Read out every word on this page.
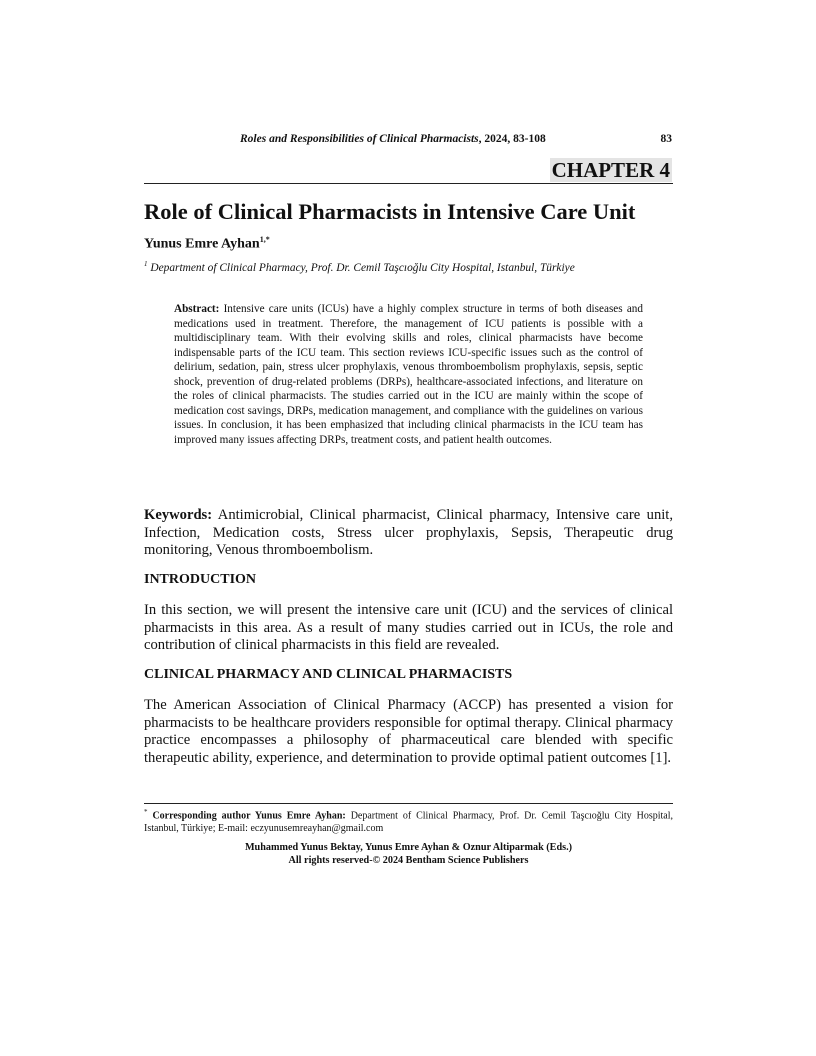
Roles and Responsibilities of Clinical Pharmacists, 2024, 83-108	83
CHAPTER 4
Role of Clinical Pharmacists in Intensive Care Unit
Yunus Emre Ayhan$^{1,*}$
$^1$ Department of Clinical Pharmacy, Prof. Dr. Cemil Taşcıoğlu City Hospital, Istanbul, Türkiye

Abstract: Intensive care units (ICUs) have a highly complex structure in terms of both diseases and medications used in treatment. Therefore, the management of ICU patients is possible with a multidisciplinary team. With their evolving skills and roles, clinical pharmacists have become indispensable parts of the ICU team. This section reviews ICU-specific issues such as the control of delirium, sedation, pain, stress ulcer prophylaxis, venous thromboembolism prophylaxis, sepsis, septic shock, prevention of drug-related problems (DRPs), healthcare-associated infections, and literature on the roles of clinical pharmacists. The studies carried out in the ICU are mainly within the scope of medication cost savings, DRPs, medication management, and compliance with the guidelines on various issues. In conclusion, it has been emphasized that including clinical pharmacists in the ICU team has improved many issues affecting DRPs, treatment costs, and patient health outcomes.

Keywords: Antimicrobial, Clinical pharmacist, Clinical pharmacy, Intensive care unit, Infection, Medication costs, Stress ulcer prophylaxis, Sepsis, Therapeutic drug monitoring, Venous thromboembolism.

INTRODUCTION

In this section, we will present the intensive care unit (ICU) and the services of clinical pharmacists in this area. As a result of many studies carried out in ICUs, the role and contribution of clinical pharmacists in this field are revealed.

CLINICAL PHARMACY AND CLINICAL PHARMACISTS

The American Association of Clinical Pharmacy (ACCP) has presented a vision for pharmacists to be healthcare providers responsible for optimal therapy. Clinical pharmacy practice encompasses a philosophy of pharmaceutical care blended with specific therapeutic ability, experience, and determination to provide optimal patient outcomes [1].

* Corresponding author Yunus Emre Ayhan: Department of Clinical Pharmacy, Prof. Dr. Cemil Taşcıoğlu City Hospital, Istanbul, Türkiye; E-mail: eczyunusemreayhan@gmail.com

Muhammed Yunus Bektay, Yunus Emre Ayhan & Oznur Altiparmak (Eds.)
All rights reserved-© 2024 Bentham Science Publishers
